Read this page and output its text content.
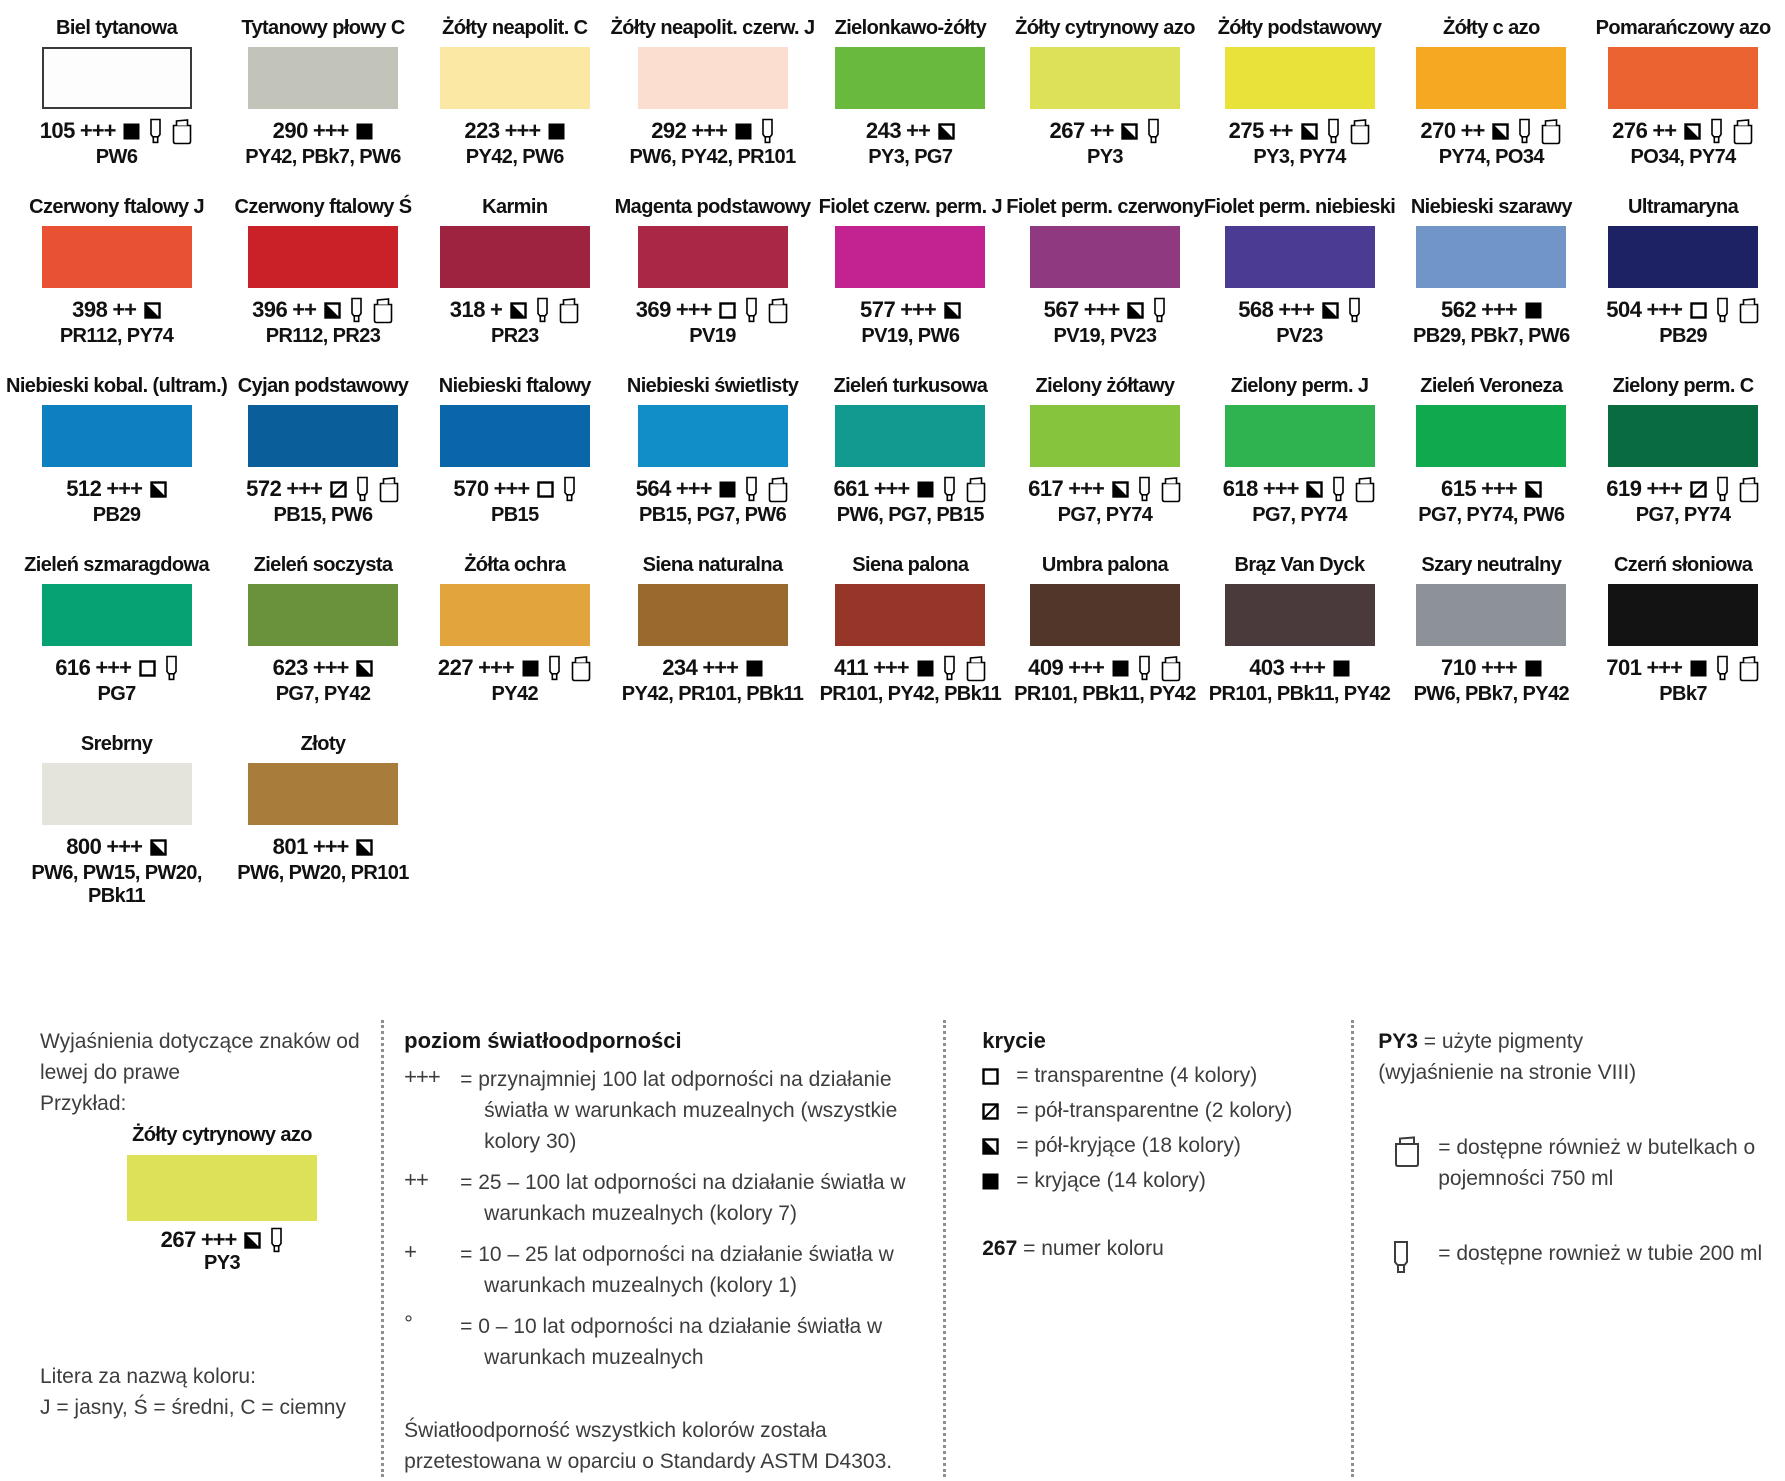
Biel tytanowa
105 +++
PW6
Tytanowy płowy C
290 +++
PY42, PBk7, PW6
Żółty neapolit. C
223 +++
PY42, PW6
Żółty neapolit. czerw. J
292 +++
PW6, PY42, PR101
Zielonkawo-żółty
243 ++
PY3, PG7
Żółty cytrynowy azo
267 ++
PY3
Żółty podstawowy
275 ++
PY3, PY74
Żółty c azo
270 ++
PY74, PO34
Pomarańczowy azo
276 ++
PO34, PY74
Czerwony ftalowy J
398 ++
PR112, PY74
Czerwony ftalowy Ś
396 ++
PR112, PR23
Karmin
318 +
PR23
Magenta podstawowy
369 +++
PV19
Fiolet czerw. perm. J
577 +++
PV19, PW6
Fiolet perm. czerwony
567 +++
PV19, PV23
Fiolet perm. niebieski
568 +++
PV23
Niebieski szarawy
562 +++
PB29, PBk7, PW6
Ultramaryna
504 +++
PB29
Niebieski kobal. (ultram.)
512 +++
PB29
Cyjan podstawowy
572 +++
PB15, PW6
Niebieski ftalowy
570 +++
PB15
Niebieski świetlisty
564 +++
PB15, PG7, PW6
Zieleń turkusowa
661 +++
PW6, PG7, PB15
Zielony żółtawy
617 +++
PG7, PY74
Zielony perm. J
618 +++
PG7, PY74
Zieleń Veroneza
615 +++
PG7, PY74, PW6
Zielony perm. C
619 +++
PG7, PY74
Zieleń szmaragdowa
616 +++
PG7
Zieleń soczysta
623 +++
PG7, PY42
Żółta ochra
227 +++
PY42
Siena naturalna
234 +++
PY42, PR101, PBk11
Siena palona
411 +++
PR101, PY42, PBk11
Umbra palona
409 +++
PR101, PBk11, PY42
Brąz Van Dyck
403 +++
PR101, PBk11, PY42
Szary neutralny
710 +++
PW6, PBk7, PY42
Czerń słoniowa
701 +++
PBk7
Srebrny
800 +++
PW6, PW15, PW20, PBk11
Złoty
801 +++
PW6, PW20, PR101
Wyjaśnienia dotyczące znaków od lewej do prawe
Przykład:
Żółty cytrynowy azo
267 +++
PY3
Litera za nazwą koloru:
J = jasny, Ś = średni, C = ciemny
poziom światłoodporności
+++ = przynajmniej 100 lat odporności na działanie światła w warunkach muzealnych (wszystkie kolory 30)
++	= 25 – 100 lat odporności na działanie światła w warunkach muzealnych (kolory 7)
+	= 10 – 25 lat odporności na działanie światła w warunkach muzealnych (kolory 1)
°	= 0 – 10 lat odporności na działanie światła w warunkach muzealnych
Światłoodporność wszystkich kolorów została przetestowana w oparciu o Standardy ASTM D4303.
krycie
= transparentne (4 kolory)
= pół-transparentne (2 kolory)
= pół-kryjące (18 kolory)
= kryjące (14 kolory)
267 = numer koloru
PY3 = użyte pigmenty
(wyjaśnienie na stronie VIII)
= dostępne również w butelkach o pojemności 750 ml
= dostępne rownież w tubie 200 ml
